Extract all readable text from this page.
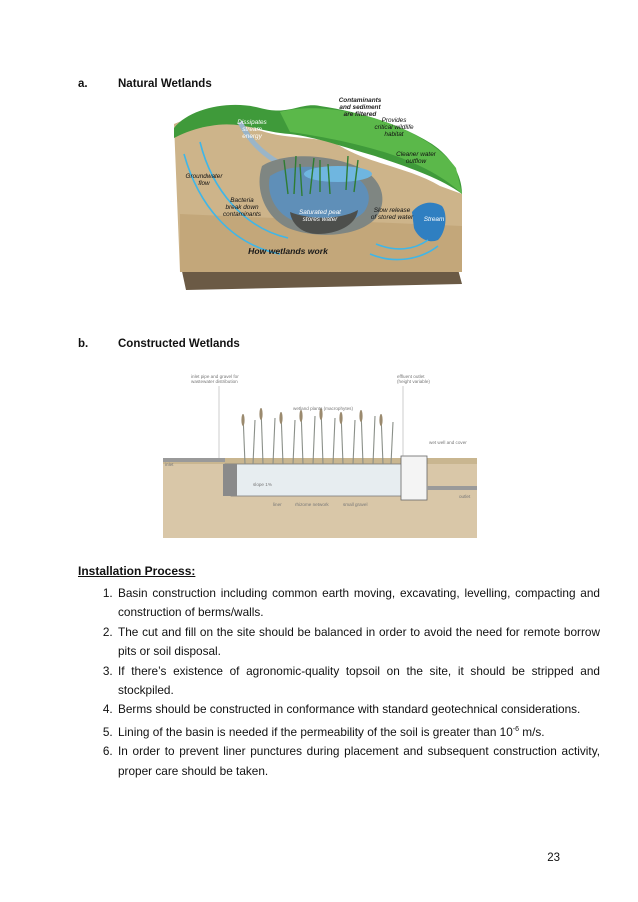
a.	Natural Wetlands
Contaminants
and sediment
are filtered
Dissipates
stream
energy
Provides
critical wildlife
habitat
Cleaner water
outflow
Groundwater
flow
Bacteria
break down
contaminants
Slow release
of stored water
Saturated peat
stores water	Stream
How wetlands work
b.	Constructed Wetlands
inlet pipe and gravel for
wastewater distribution
effluent outlet
(height variable)
wetland plants (macrophytes)
wet well and cover
inlet
outlet
slope 1%
liner	rhizome network	small gravel
Installation Process:
1. Basin construction including common earth moving, excavating, levelling, compacting and construction of berms/walls.
2. The cut and fill on the site should be balanced in order to avoid the need for remote borrow pits or soil disposal.
3. If there’s existence of agronomic-quality topsoil on the site, it should be stripped and stockpiled.
4. Berms should be constructed in conformance with standard geotechnical considerations.
5. Lining of the basin is needed if the permeability of the soil is greater than $10^{-6}$ m/s.
6. In order to prevent liner punctures during placement and subsequent construction activity, proper care should be taken.
23
